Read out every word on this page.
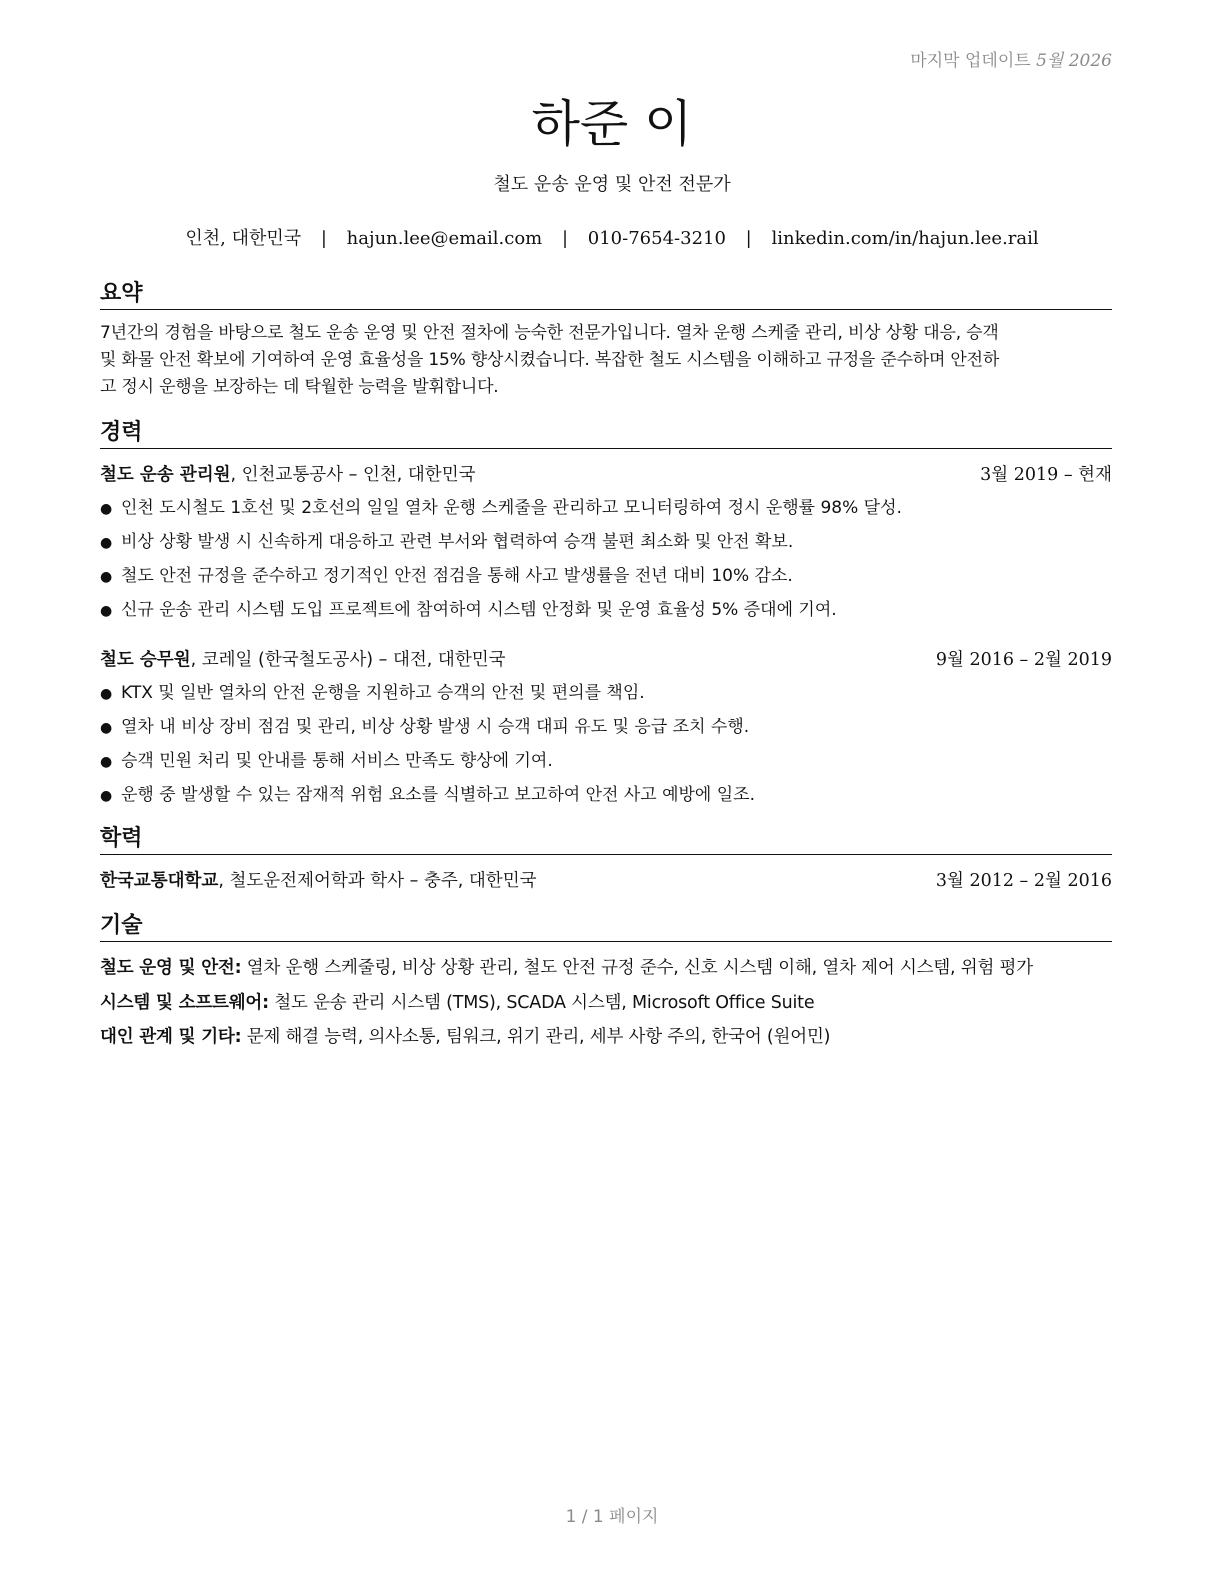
마지막 업데이트 5월 2026
하준 이
철도 운송 운영 및 안전 전문가
인천, 대한민국 | hajun.lee@email.com | 010-7654-3210 | linkedin.com/in/hajun.lee.rail
요약
7년간의 경험을 바탕으로 철도 운송 운영 및 안전 절차에 능숙한 전문가입니다. 열차 운행 스케줄 관리, 비상 상황 대응, 승객
및 화물 안전 확보에 기여하여 운영 효율성을 15% 향상시켰습니다. 복잡한 철도 시스템을 이해하고 규정을 준수하며 안전하
고 정시 운행을 보장하는 데 탁월한 능력을 발휘합니다.
경력
철도 운송 관리원, 인천교통공사 – 인천, 대한민국	3월 2019 – 현재
● 인천 도시철도 1호선 및 2호선의 일일 열차 운행 스케줄을 관리하고 모니터링하여 정시 운행률 98% 달성.
● 비상 상황 발생 시 신속하게 대응하고 관련 부서와 협력하여 승객 불편 최소화 및 안전 확보.
● 철도 안전 규정을 준수하고 정기적인 안전 점검을 통해 사고 발생률을 전년 대비 10% 감소.
● 신규 운송 관리 시스템 도입 프로젝트에 참여하여 시스템 안정화 및 운영 효율성 5% 증대에 기여.
철도 승무원, 코레일 (한국철도공사) – 대전, 대한민국	9월 2016 – 2월 2019
● KTX 및 일반 열차의 안전 운행을 지원하고 승객의 안전 및 편의를 책임.
● 열차 내 비상 장비 점검 및 관리, 비상 상황 발생 시 승객 대피 유도 및 응급 조치 수행.
● 승객 민원 처리 및 안내를 통해 서비스 만족도 향상에 기여.
● 운행 중 발생할 수 있는 잠재적 위험 요소를 식별하고 보고하여 안전 사고 예방에 일조.
학력
한국교통대학교, 철도운전제어학과 학사 – 충주, 대한민국	3월 2012 – 2월 2016
기술
철도 운영 및 안전: 열차 운행 스케줄링, 비상 상황 관리, 철도 안전 규정 준수, 신호 시스템 이해, 열차 제어 시스템, 위험 평가
시스템 및 소프트웨어: 철도 운송 관리 시스템 (TMS), SCADA 시스템, Microsoft Office Suite
대인 관계 및 기타: 문제 해결 능력, 의사소통, 팀워크, 위기 관리, 세부 사항 주의, 한국어 (원어민)
1 / 1 페이지
